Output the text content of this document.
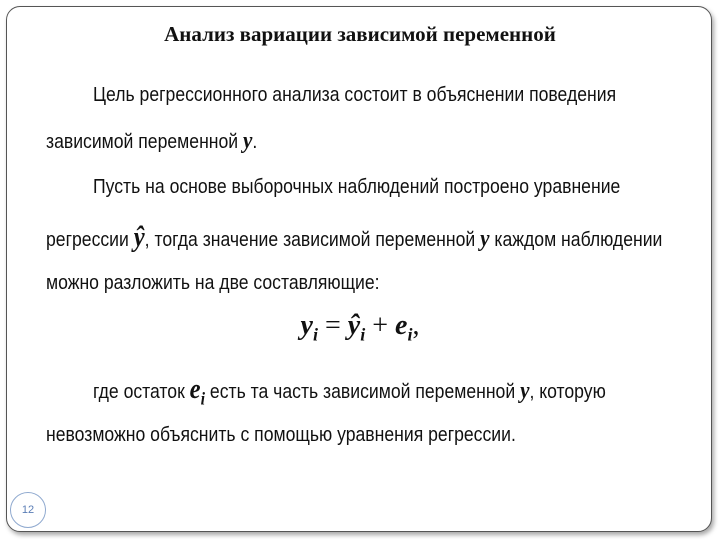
Анализ вариации зависимой переменной
Цель регрессионного анализа состоит в объяснении поведения
зависимой переменной y.
Пусть на основе выборочных наблюдений построено уравнение
регрессии ŷ, тогда значение зависимой переменной y каждом наблюдении
можно разложить на две составляющие:
$y_i$ = $ŷ_i + e_i$,
где остаток $e_i$ есть та часть зависимой переменной y, которую
невозможно объяснить с помощью уравнения регрессии.
12
